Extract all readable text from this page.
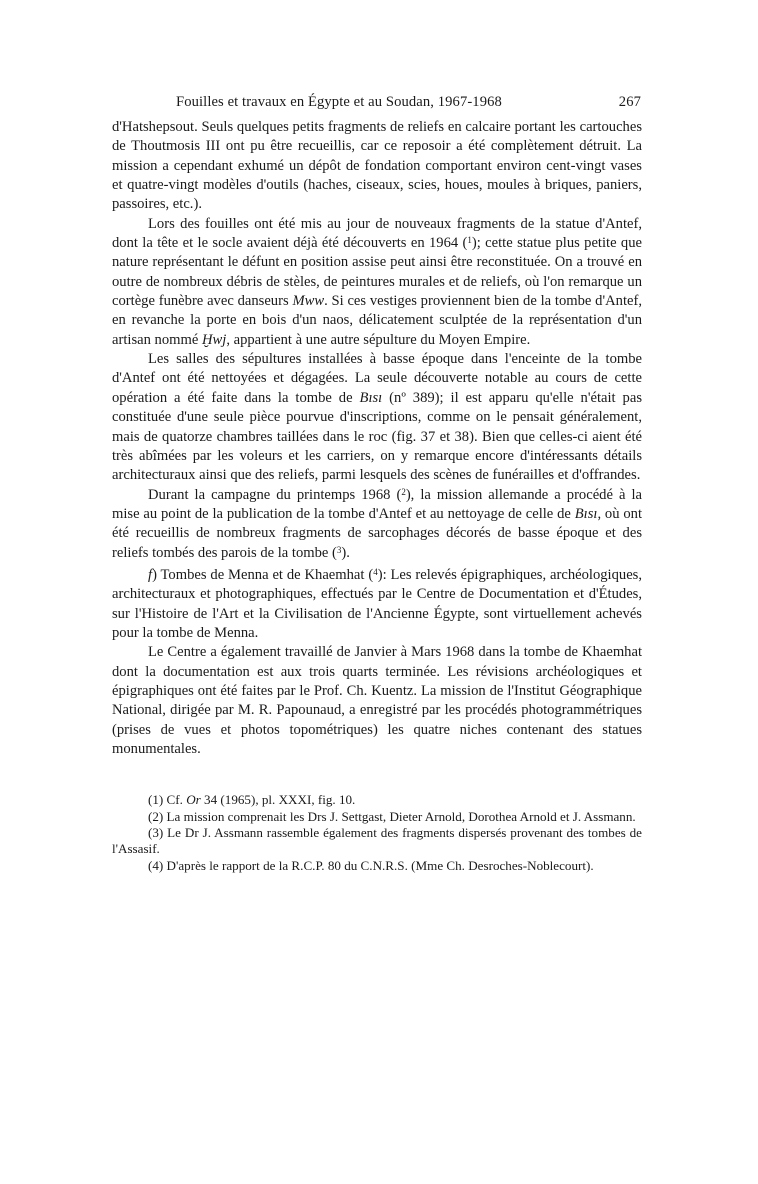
Fouilles et travaux en Égypte et au Soudan, 1967-1968	267

d'Hatshepsout. Seuls quelques petits fragments de reliefs en calcaire portant les cartouches de Thoutmosis III ont pu être recueillis, car ce reposoir a été complètement détruit. La mission a cependant exhumé un dépôt de fondation comportant environ cent-vingt vases et quatre-vingt modèles d'outils (haches, ciseaux, scies, houes, moules à briques, paniers, passoires, etc.).

Lors des fouilles ont été mis au jour de nouveaux fragments de la statue d'Antef, dont la tête et le socle avaient déjà été découverts en 1964 ($^1$); cette statue plus petite que nature représentant le défunt en position assise peut ainsi être reconstituée. On a trouvé en outre de nombreux débris de stèles, de peintures murales et de reliefs, où l'on remarque un cortège funèbre avec danseurs Mww. Si ces vestiges proviennent bien de la tombe d'Antef, en revanche la porte en bois d'un naos, délicatement sculptée de la représentation d'un artisan nommé Ḫwj, appartient à une autre sépulture du Moyen Empire.

Les salles des sépultures installées à basse époque dans l'enceinte de la tombe d'Antef ont été nettoyées et dégagées. La seule découverte notable au cours de cette opération a été faite dans la tombe de Bısı (nº 389); il est apparu qu'elle n'était pas constituée d'une seule pièce pourvue d'inscriptions, comme on le pensait généralement, mais de quatorze chambres taillées dans le roc (fig. 37 et 38). Bien que celles-ci aient été très abîmées par les voleurs et les carriers, on y remarque encore d'intéressants détails architecturaux ainsi que des reliefs, parmi lesquels des scènes de funérailles et d'offrandes.

Durant la campagne du printemps 1968 ($^2$), la mission allemande a procédé à la mise au point de la publication de la tombe d'Antef et au nettoyage de celle de Bısı, où ont été recueillis de nombreux fragments de sarcophages décorés de basse époque et des reliefs tombés des parois de la tombe ($^3$).

f) Tombes de Menna et de Khaemhat ($^4$): Les relevés épigraphiques, archéologiques, architecturaux et photographiques, effectués par le Centre de Documentation et d'Études, sur l'Histoire de l'Art et la Civilisation de l'Ancienne Égypte, sont virtuellement achevés pour la tombe de Menna.

Le Centre a également travaillé de Janvier à Mars 1968 dans la tombe de Khaemhat dont la documentation est aux trois quarts terminée. Les révisions archéologiques et épigraphiques ont été faites par le Prof. Ch. Kuentz. La mission de l'Institut Géographique National, dirigée par M. R. Papounaud, a enregistré par les procédés photogrammétriques (prises de vues et photos topométriques) les quatre niches contenant des statues monumentales.

(1) Cf. Or 34 (1965), pl. XXXI, fig. 10.

(2) La mission comprenait les Drs J. Settgast, Dieter Arnold, Dorothea Arnold et J. Assmann.

(3) Le Dr J. Assmann rassemble également des fragments dispersés provenant des tombes de l'Assasif.

(4) D'après le rapport de la R.C.P. 80 du C.N.R.S. (Mme Ch. Desroches-Noblecourt).
